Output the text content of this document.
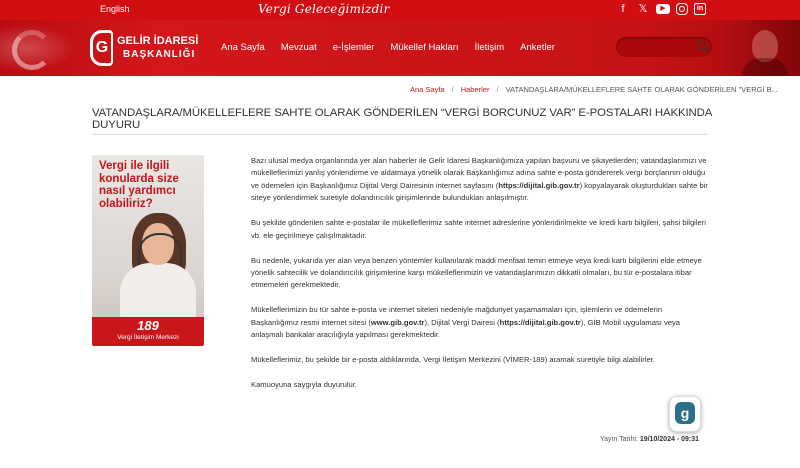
English	Vergi Geleceğimizdir	f	𝕏	▶	in
G GELİR İDARESİ
BAŞKANLIĞI
Ana Sayfa Mevzuat e-İşlemler Mükellef Hakları İletişim Anketler
Ana Sayfa / Haberler / VATANDAŞLARA/MÜKELLEFLERE SAHTE OLARAK GÖNDERİLEN "VERGİ B...
VATANDAŞLARA/MÜKELLEFLERE SAHTE OLARAK GÖNDERİLEN “VERGİ BORCUNUZ VAR” E-POSTALARI HAKKINDA DUYURU
Vergi ile ilgili konularda size nasıl yardımcı olabiliriz?
189
Vergi İletişim Merkezi

Bazı ulusal medya organlarında yer alan haberler ile Gelir İdaresi Başkanlığımıza yapılan başvuru ve şikayetlerden; vatandaşlarımızı ve mükelleflerimizi yanlış yönlendirme ve aldatmaya yönelik olarak Başkanlığımız adına sahte e-posta göndererek vergi borçlarının olduğu ve ödemeleri için Başkanlığımız Dijital Vergi Dairesinin internet sayfasını (https://dijital.gib.gov.tr) kopyalayarak oluşturdukları sahte bir siteye yönlendirmek suretiyle dolandırıcılık girişimlerinde bulundukları anlaşılmıştır.

Bu şekilde gönderilen sahte e-postalar ile mükelleflerimiz sahte internet adreslerine yönlendirilmekte ve kredi kartı bilgileri, şahsi bilgileri vb. ele geçirilmeye çalışılmaktadır.

Bu nedenle, yukarıda yer alan veya benzeri yöntemler kullanılarak maddi menfaat temin etmeye veya kredi kartı bilgilerini elde etmeye yönelik sahtecilik ve dolandırıcılık girişimlerine karşı mükelleflerimizin ve vatandaşlarımızın dikkatli olmaları, bu tür e-postalara itibar etmemeleri gerekmektedir.

Mükelleflerimizin bu tür sahte e-posta ve internet siteleri nedeniyle mağduriyet yaşamamaları için, işlemlerin ve ödemelerin Başkanlığımız resmi internet sitesi (www.gib.gov.tr), Dijital Vergi Dairesi (https://dijital.gib.gov.tr), GİB Mobil uygulaması veya anlaşmalı bankalar aracılığıyla yapılması gerekmektedir.

Mükelleflerimiz, bu şekilde bir e-posta aldıklarında, Vergi İletişim Merkezini (VİMER-189) aramak suretiyle bilgi alabilirler.

Kamuoyuna saygıyla duyurulur.

g
Yayın Tarihi: 19/10/2024 - 09:31
